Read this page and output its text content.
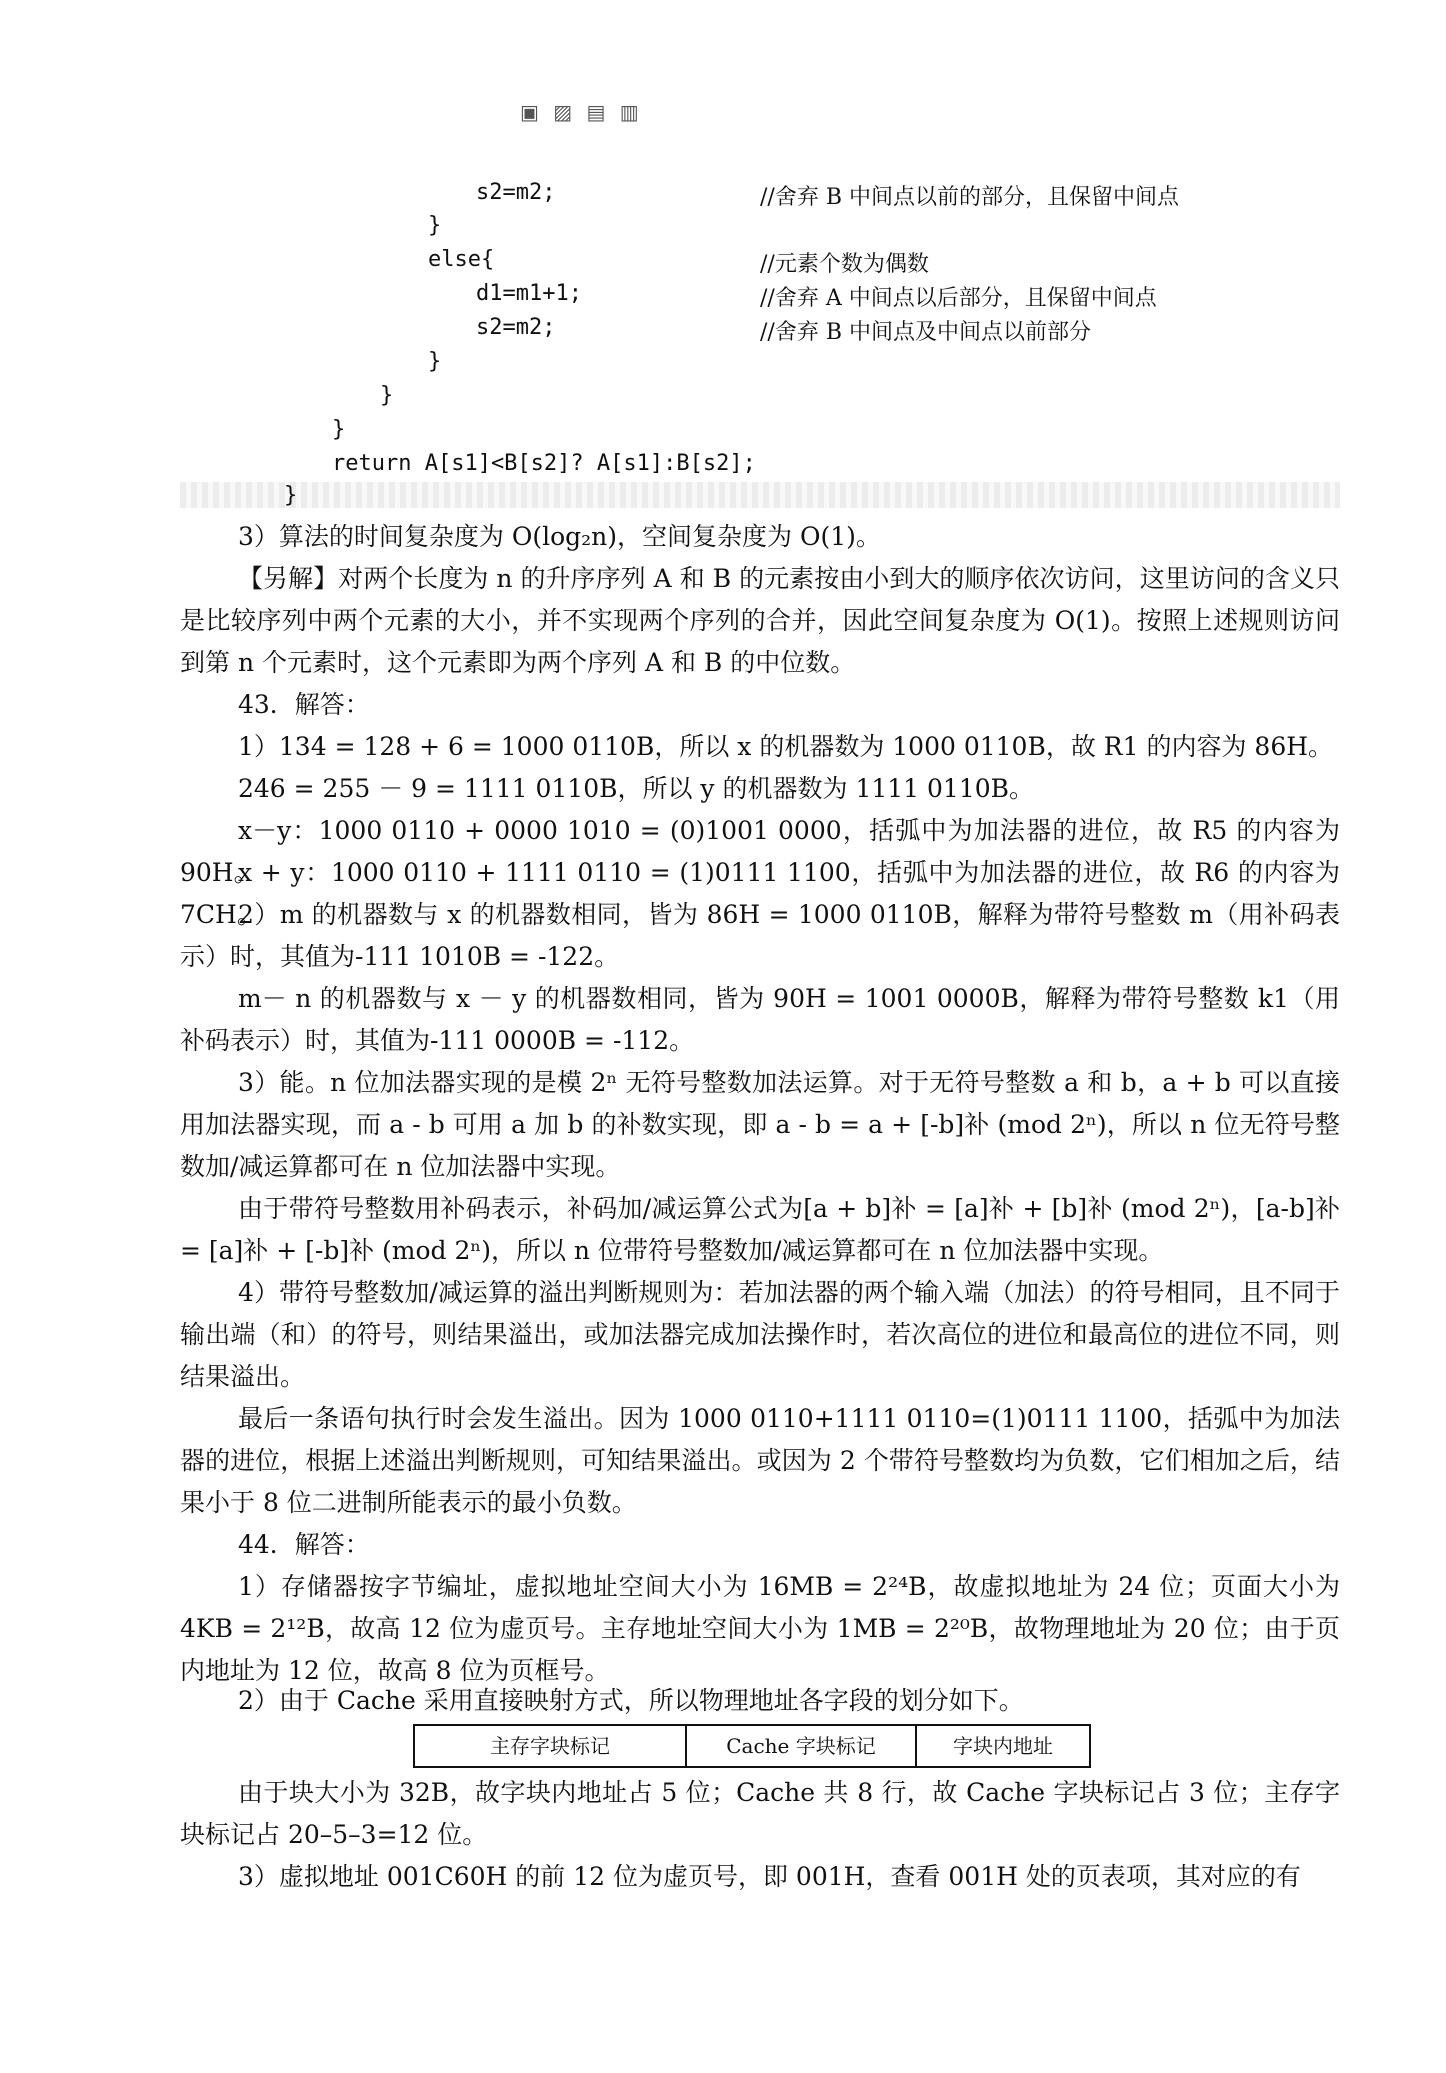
▣ ▨ ▤ ▥
s2=m2;	//舍弃 B 中间点以前的部分，且保留中间点
}
else{	//元素个数为偶数
d1=m1+1;	//舍弃 A 中间点以后部分，且保留中间点
s2=m2;	//舍弃 B 中间点及中间点以前部分
}
}
}
return A[s1]<B[s2]? A[s1]:B[s2];
}
3）算法的时间复杂度为 O(log₂n)，空间复杂度为 O(1)。
【另解】对两个长度为 n 的升序序列 A 和 B 的元素按由小到大的顺序依次访问，这里访问的含义只是比较序列中两个元素的大小，并不实现两个序列的合并，因此空间复杂度为 O(1)。按照上述规则访问到第 n 个元素时，这个元素即为两个序列 A 和 B 的中位数。
43．解答：
1）134 = 128 + 6 = 1000 0110B，所以 x 的机器数为 1000 0110B，故 R1 的内容为 86H。
246 = 255 － 9 = 1111 0110B，所以 y 的机器数为 1111 0110B。
x－y：1000 0110 + 0000 1010 = (0)1001 0000，括弧中为加法器的进位，故 R5 的内容为 90H。
x + y：1000 0110 + 1111 0110 = (1)0111 1100，括弧中为加法器的进位，故 R6 的内容为 7CH。
2）m 的机器数与 x 的机器数相同，皆为 86H = 1000 0110B，解释为带符号整数 m（用补码表示）时，其值为-111 1010B = -122。
m－ n 的机器数与 x － y 的机器数相同，皆为 90H = 1001 0000B，解释为带符号整数 k1（用补码表示）时，其值为-111 0000B = -112。
3）能。n 位加法器实现的是模 2ⁿ 无符号整数加法运算。对于无符号整数 a 和 b，a + b 可以直接用加法器实现，而 a - b 可用 a 加 b 的补数实现，即 a - b = a + [-b]补 (mod 2ⁿ)，所以 n 位无符号整数加/减运算都可在 n 位加法器中实现。
由于带符号整数用补码表示，补码加/减运算公式为[a + b]补 = [a]补 + [b]补 (mod 2ⁿ)，[a-b]补 = [a]补 + [-b]补 (mod 2ⁿ)，所以 n 位带符号整数加/减运算都可在 n 位加法器中实现。
4）带符号整数加/减运算的溢出判断规则为：若加法器的两个输入端（加法）的符号相同，且不同于输出端（和）的符号，则结果溢出，或加法器完成加法操作时，若次高位的进位和最高位的进位不同，则结果溢出。
最后一条语句执行时会发生溢出。因为 1000 0110+1111 0110=(1)0111 1100，括弧中为加法器的进位，根据上述溢出判断规则，可知结果溢出。或因为 2 个带符号整数均为负数，它们相加之后，结果小于 8 位二进制所能表示的最小负数。
44．解答：
1）存储器按字节编址，虚拟地址空间大小为 16MB = 2²⁴B，故虚拟地址为 24 位；页面大小为 4KB = 2¹²B，故高 12 位为虚页号。主存地址空间大小为 1MB = 2²⁰B，故物理地址为 20 位；由于页内地址为 12 位，故高 8 位为页框号。
2）由于 Cache 采用直接映射方式，所以物理地址各字段的划分如下。
主存字块标记	Cache 字块标记	字块内地址
由于块大小为 32B，故字块内地址占 5 位；Cache 共 8 行，故 Cache 字块标记占 3 位；主存字块标记占 20–5–3=12 位。
3）虚拟地址 001C60H 的前 12 位为虚页号，即 001H，查看 001H 处的页表项，其对应的有
